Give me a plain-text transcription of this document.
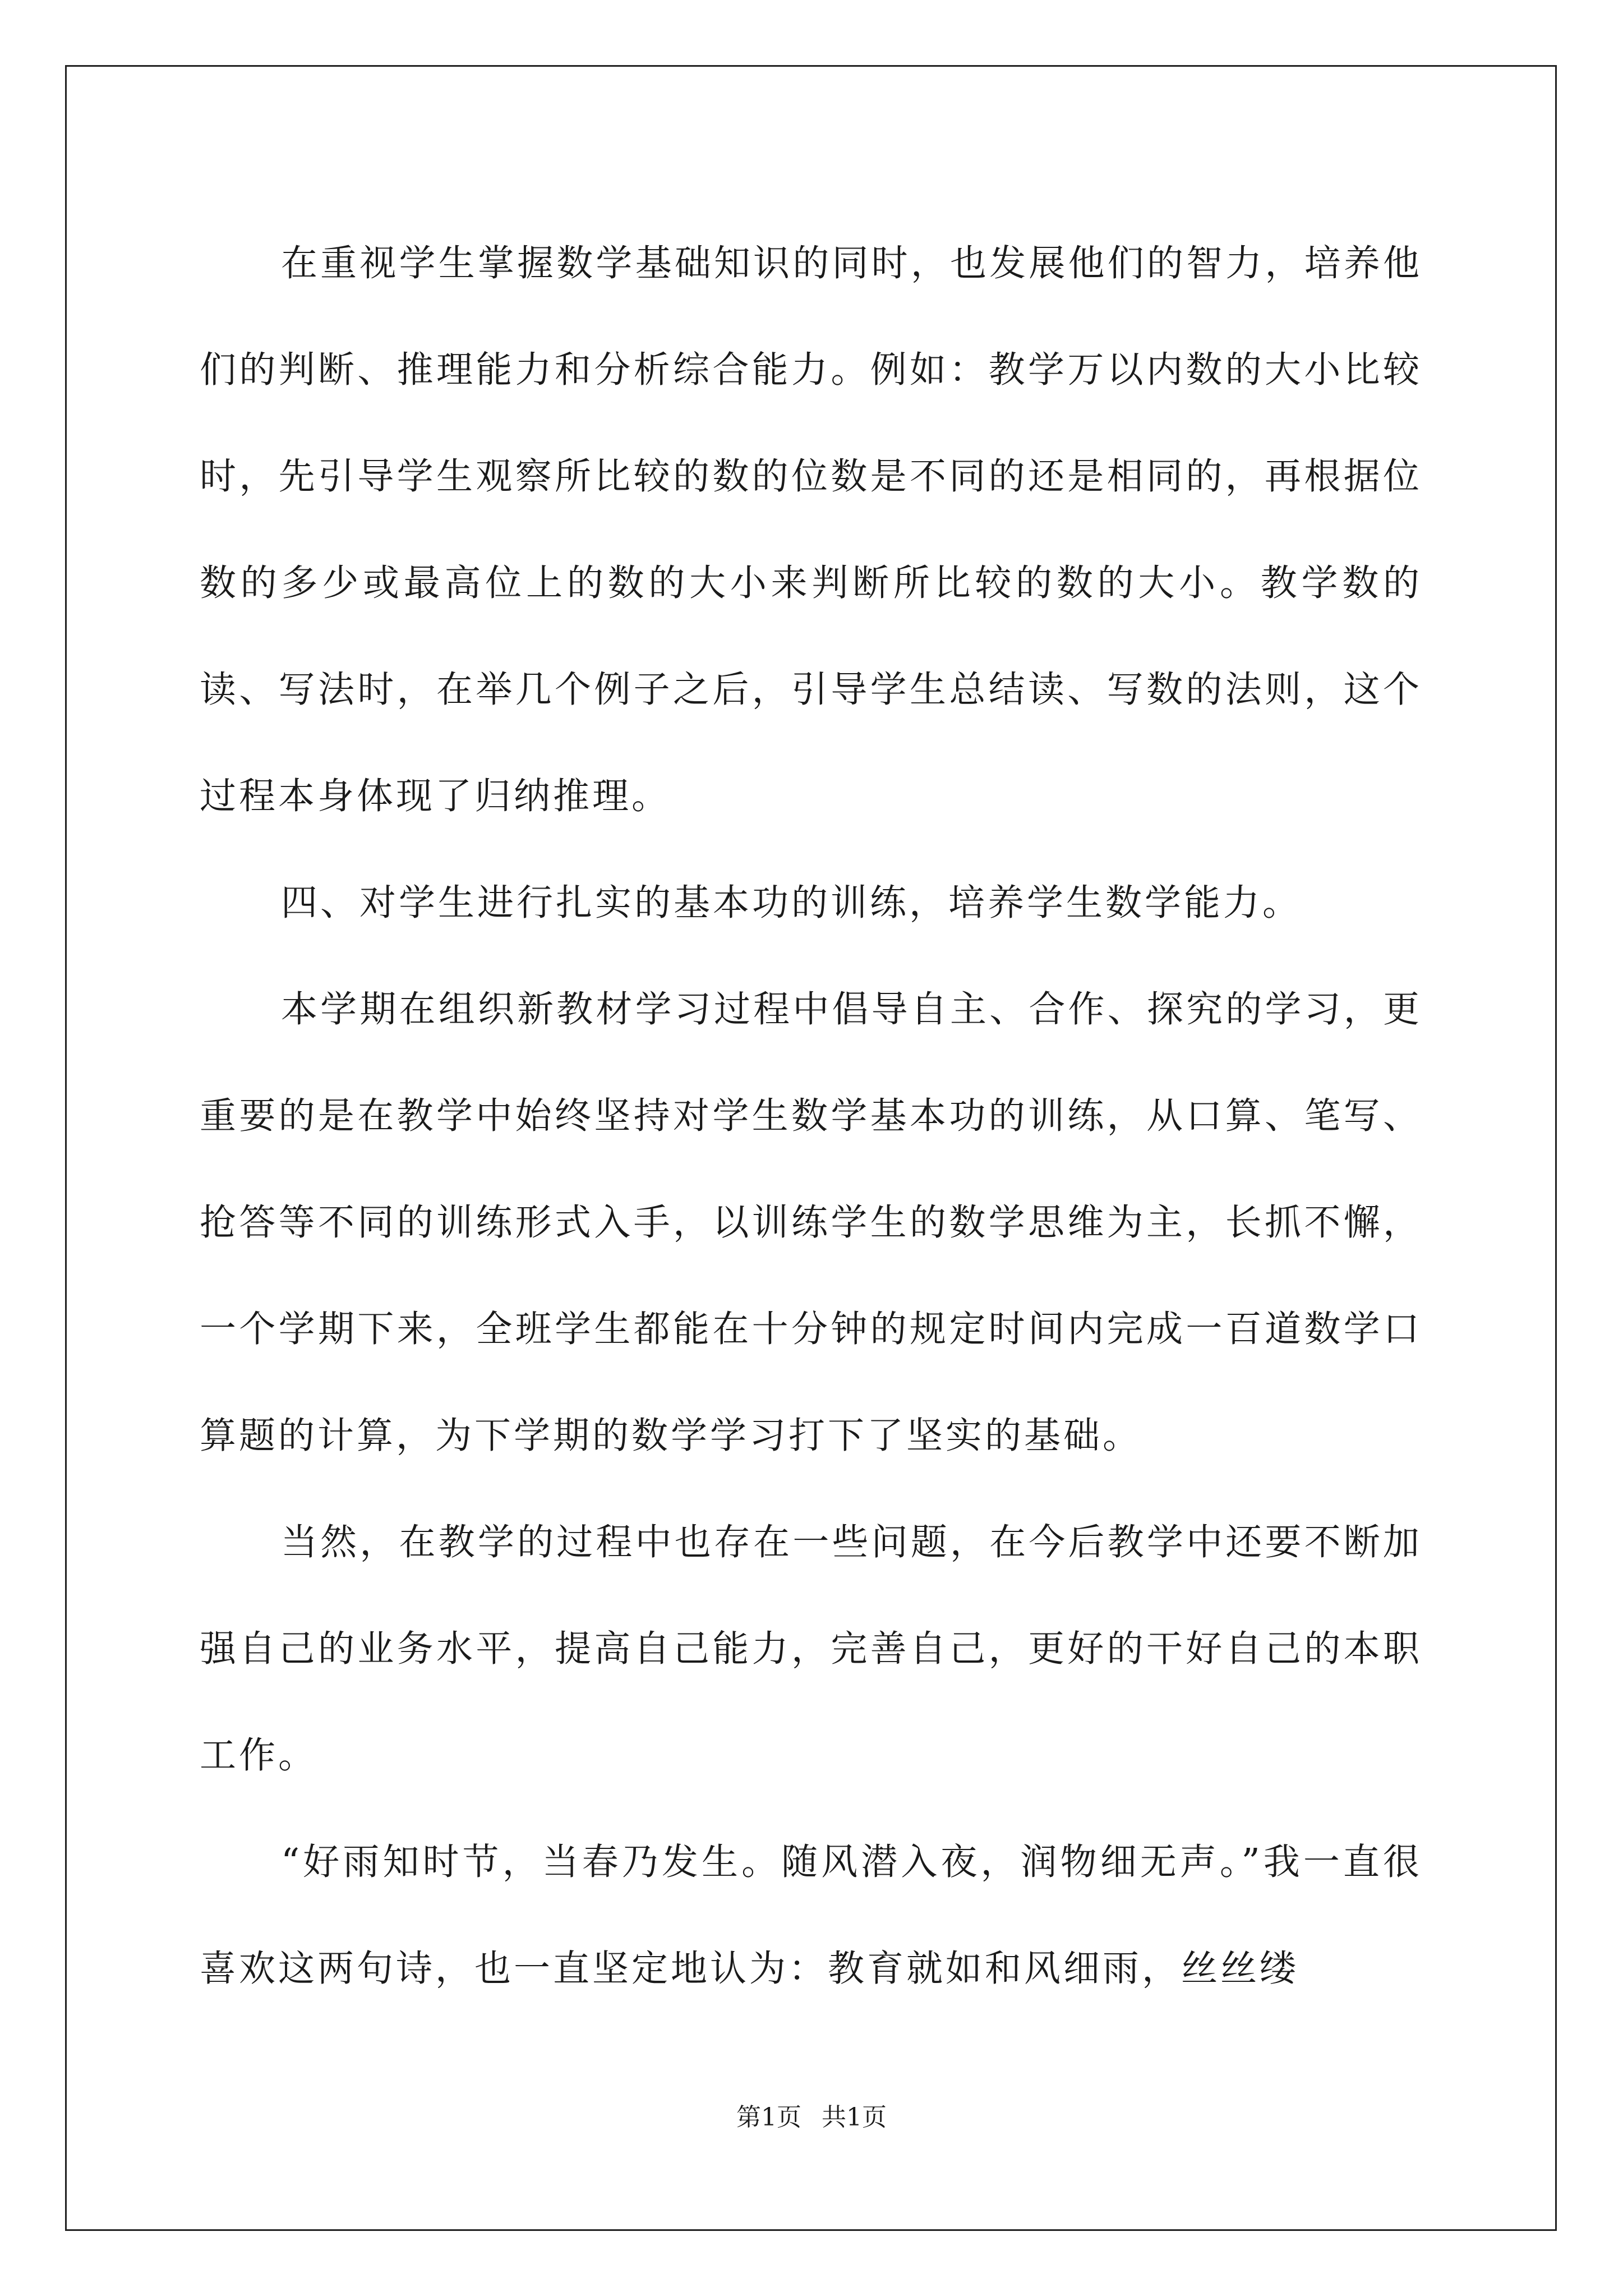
在重视学生掌握数学基础知识的同时，也发展他们的智力，培养他们的判断、推理能力和分析综合能力。例如：教学万以内数的大小比较时，先引导学生观察所比较的数的位数是不同的还是相同的，再根据位数的多少或最高位上的数的大小来判断所比较的数的大小。教学数的读、写法时，在举几个例子之后，引导学生总结读、写数的法则，这个过程本身体现了归纳推理。

四、对学生进行扎实的基本功的训练，培养学生数学能力。

本学期在组织新教材学习过程中倡导自主、合作、探究的学习，更重要的是在教学中始终坚持对学生数学基本功的训练，从口算、笔写、抢答等不同的训练形式入手，以训练学生的数学思维为主，长抓不懈，一个学期下来，全班学生都能在十分钟的规定时间内完成一百道数学口算题的计算，为下学期的数学学习打下了坚实的基础。

当然，在教学的过程中也存在一些问题，在今后教学中还要不断加强自己的业务水平，提高自己能力，完善自己，更好的干好自己的本职工作。

“好雨知时节，当春乃发生。随风潜入夜，润物细无声。”我一直很喜欢这两句诗，也一直坚定地认为：教育就如和风细雨，丝丝缕

第1页 共1页
